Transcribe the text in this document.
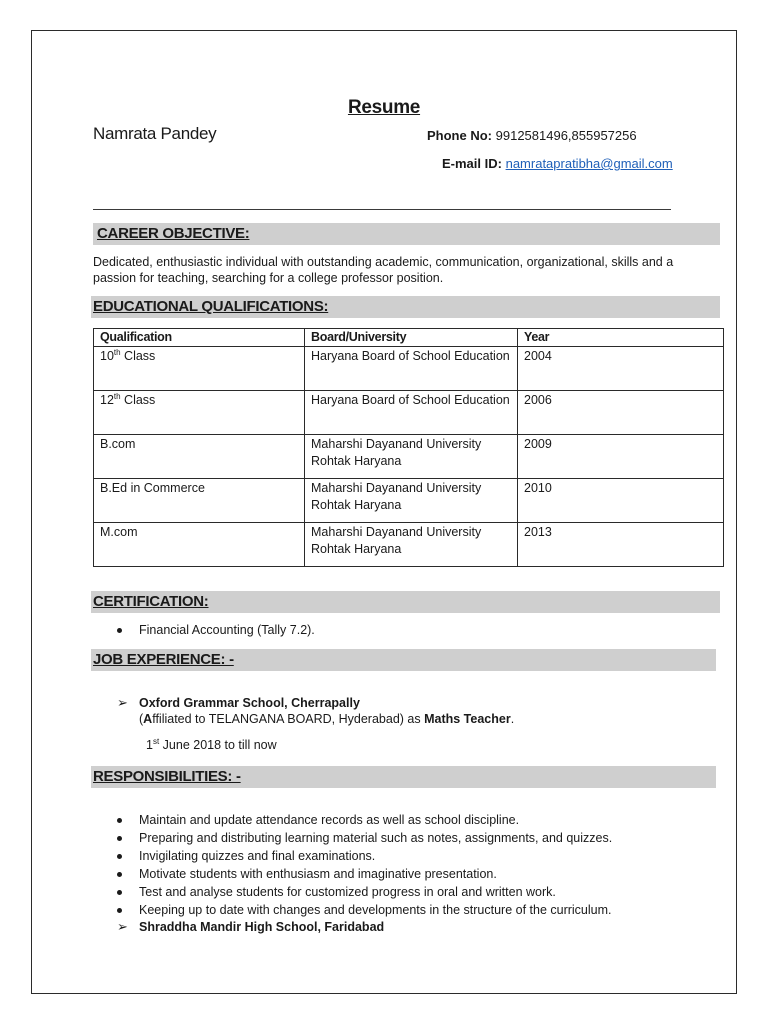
Resume
Namrata Pandey	Phone No: 9912581496,855957256
E-mail ID: namratapratibha@gmail.com
CAREER OBJECTIVE:
Dedicated, enthusiastic individual with outstanding academic, communication, organizational, skills and a passion for teaching, searching for a college professor position.
EDUCATIONAL QUALIFICATIONS:
Qualification	Board/University	Year
10th Class	Haryana Board of School Education	2004
12th Class	Haryana Board of School Education	2006
B.com	Maharshi Dayanand University Rohtak Haryana	2009
B.Ed in Commerce	Maharshi Dayanand University Rohtak Haryana	2010
M.com	Maharshi Dayanand University Rohtak Haryana	2013
CERTIFICATION:
Financial Accounting (Tally 7.2).
JOB EXPERIENCE: -
➢ Oxford Grammar School, Cherrapally
(Affiliated to TELANGANA BOARD, Hyderabad) as Maths Teacher.
1st June 2018 to till now
RESPONSIBILITIES: -
Maintain and update attendance records as well as school discipline.
Preparing and distributing learning material such as notes, assignments, and quizzes.
Invigilating quizzes and final examinations.
Motivate students with enthusiasm and imaginative presentation.
Test and analyse students for customized progress in oral and written work.
Keeping up to date with changes and developments in the structure of the curriculum.
➢ Shraddha Mandir High School, Faridabad
